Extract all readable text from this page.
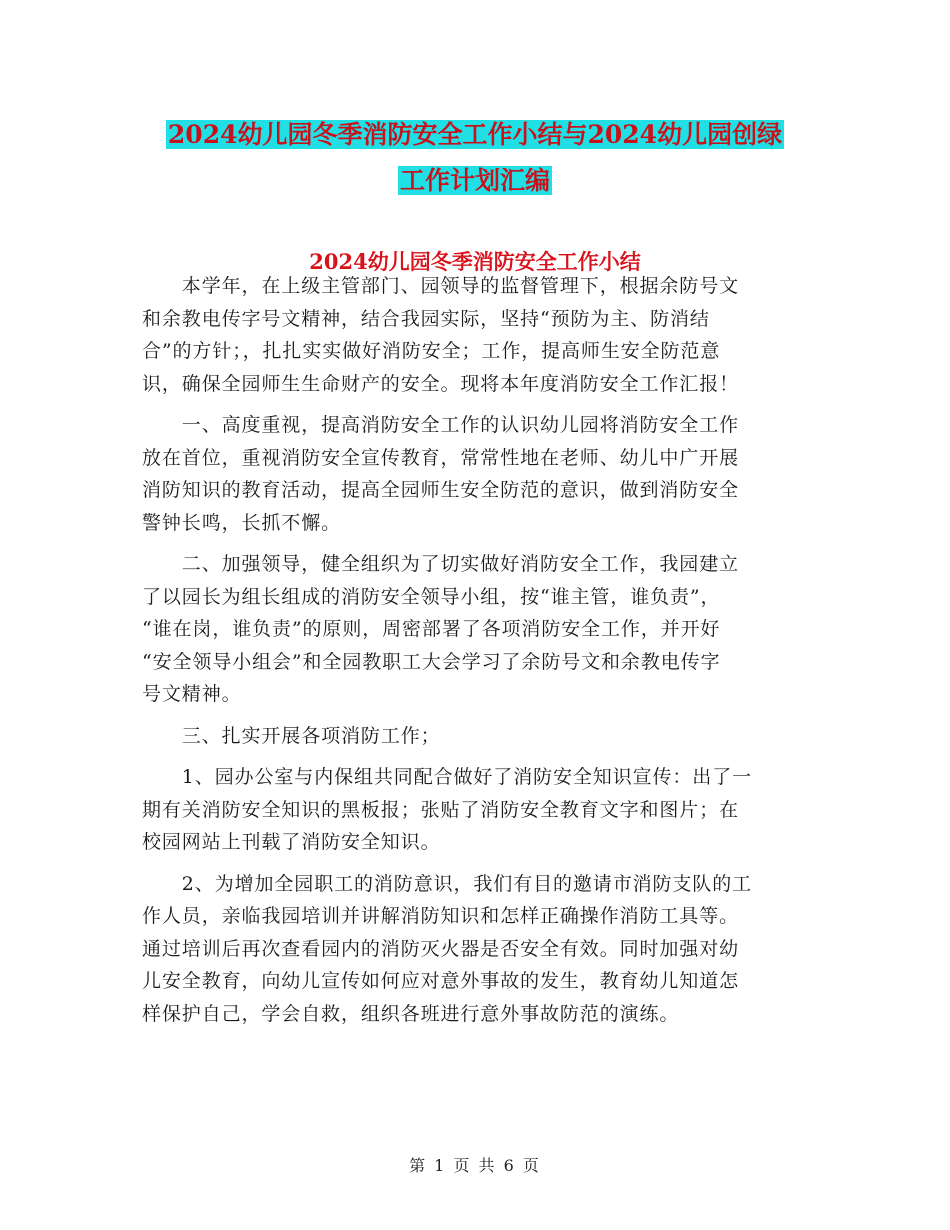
2024幼儿园冬季消防安全工作小结与2024幼儿园创绿
工作计划汇编
2024幼儿园冬季消防安全工作小结
　　本学年，在上级主管部门、园领导的监督管理下，根据余防号文
和余教电传字号文精神，结合我园实际，坚持“预防为主、防消结
合”的方针；，扎扎实实做好消防安全；工作，提高师生安全防范意
识，确保全园师生生命财产的安全。现将本年度消防安全工作汇报！
　　一、高度重视，提高消防安全工作的认识幼儿园将消防安全工作
放在首位，重视消防安全宣传教育，常常性地在老师、幼儿中广开展
消防知识的教育活动，提高全园师生安全防范的意识，做到消防安全
警钟长鸣，长抓不懈。
　　二、加强领导，健全组织为了切实做好消防安全工作，我园建立
了以园长为组长组成的消防安全领导小组，按“谁主管，谁负责”，
“谁在岗，谁负责”的原则，周密部署了各项消防安全工作，并开好
“安全领导小组会”和全园教职工大会学习了余防号文和余教电传字
号文精神。
　　三、扎实开展各项消防工作；
　　1、园办公室与内保组共同配合做好了消防安全知识宣传：出了一
期有关消防安全知识的黑板报；张贴了消防安全教育文字和图片；在
校园网站上刊载了消防安全知识。
　　2、为增加全园职工的消防意识，我们有目的邀请市消防支队的工
作人员，亲临我园培训并讲解消防知识和怎样正确操作消防工具等。
通过培训后再次查看园内的消防灭火器是否安全有效。同时加强对幼
儿安全教育，向幼儿宣传如何应对意外事故的发生，教育幼儿知道怎
样保护自己，学会自救，组织各班进行意外事故防范的演练。
第 1 页 共 6 页
